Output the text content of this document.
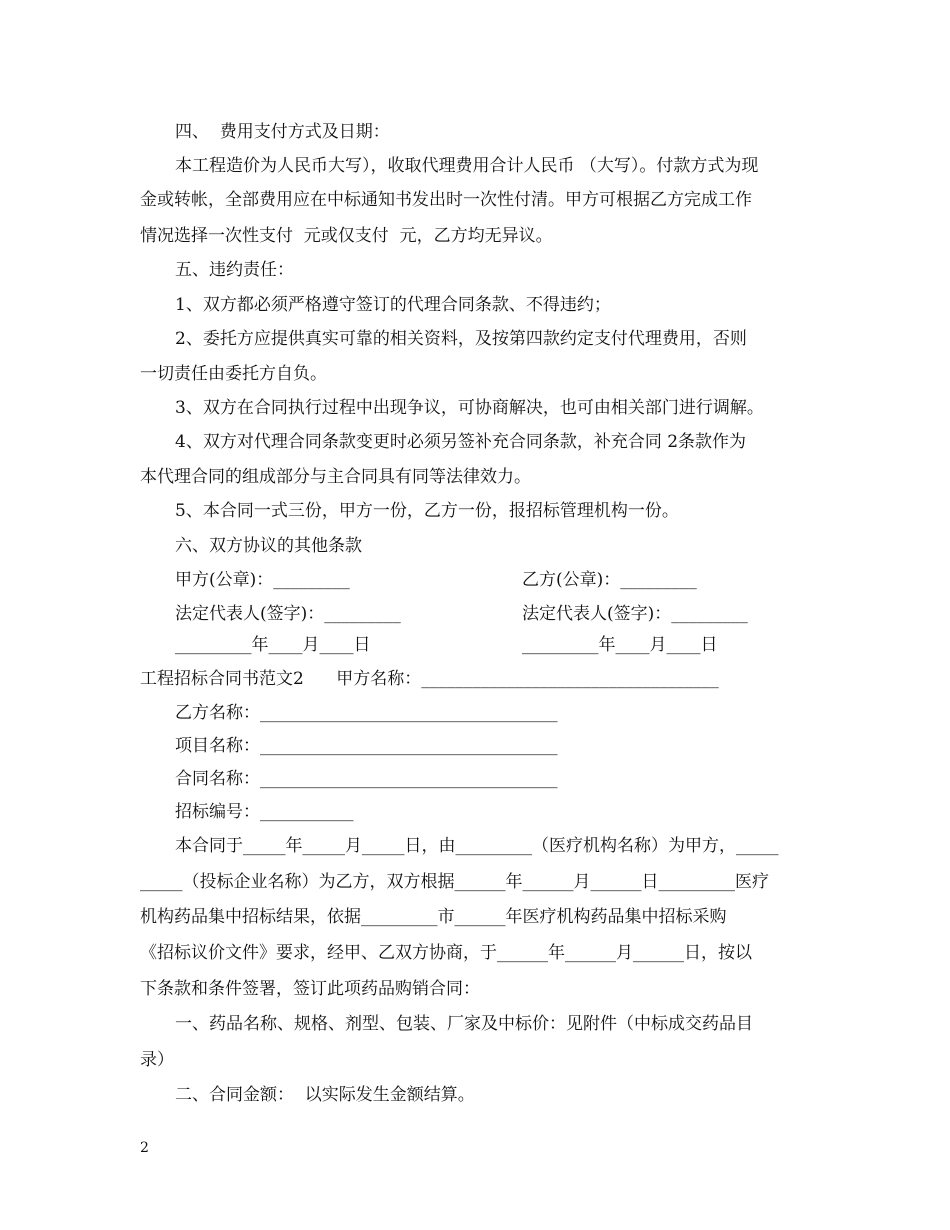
四、  费用支付方式及日期：
本工程造价为人民币大写），收取代理费用合计人民币 （大写）。付款方式为现
金或转帐，全部费用应在中标通知书发出时一次性付清。甲方可根据乙方完成工作
情况选择一次性支付  元或仅支付  元，乙方均无异议。
五、违约责任：
1、双方都必须严格遵守签订的代理合同条款、不得违约；
2、委托方应提供真实可靠的相关资料，及按第四款约定支付代理费用，否则
一切责任由委托方自负。
3、双方在合同执行过程中出现争议，可协商解决，也可由相关部门进行调解。
4、双方对代理合同条款变更时必须另签补充合同条款，补充合同 2条款作为
本代理合同的组成部分与主合同具有同等法律效力。
5、本合同一式三份，甲方一份，乙方一份，报招标管理机构一份。
六、双方协议的其他条款
甲方(公章)：_________	乙方(公章)：_________
法定代表人(签字)：_________	法定代表人(签字)：_________
_________年____月____日	_________年____月____日
工程招标合同书范文2      甲方名称：___________________________________
乙方名称：___________________________________
项目名称：___________________________________
合同名称：___________________________________
招标编号：___________
本合同于_____年_____月_____日，由_________（医疗机构名称）为甲方，_____
_____（投标企业名称）为乙方，双方根据______年______月______日_________医疗
机构药品集中招标结果，依据_________市______年医疗机构药品集中招标采购
《招标议价文件》要求，经甲、乙双方协商，于______年______月______日，按以
下条款和条件签署，签订此项药品购销合同：
一、药品名称、规格、剂型、包装、厂家及中标价：见附件（中标成交药品目
录）
二、合同金额：  以实际发生金额结算。
2
